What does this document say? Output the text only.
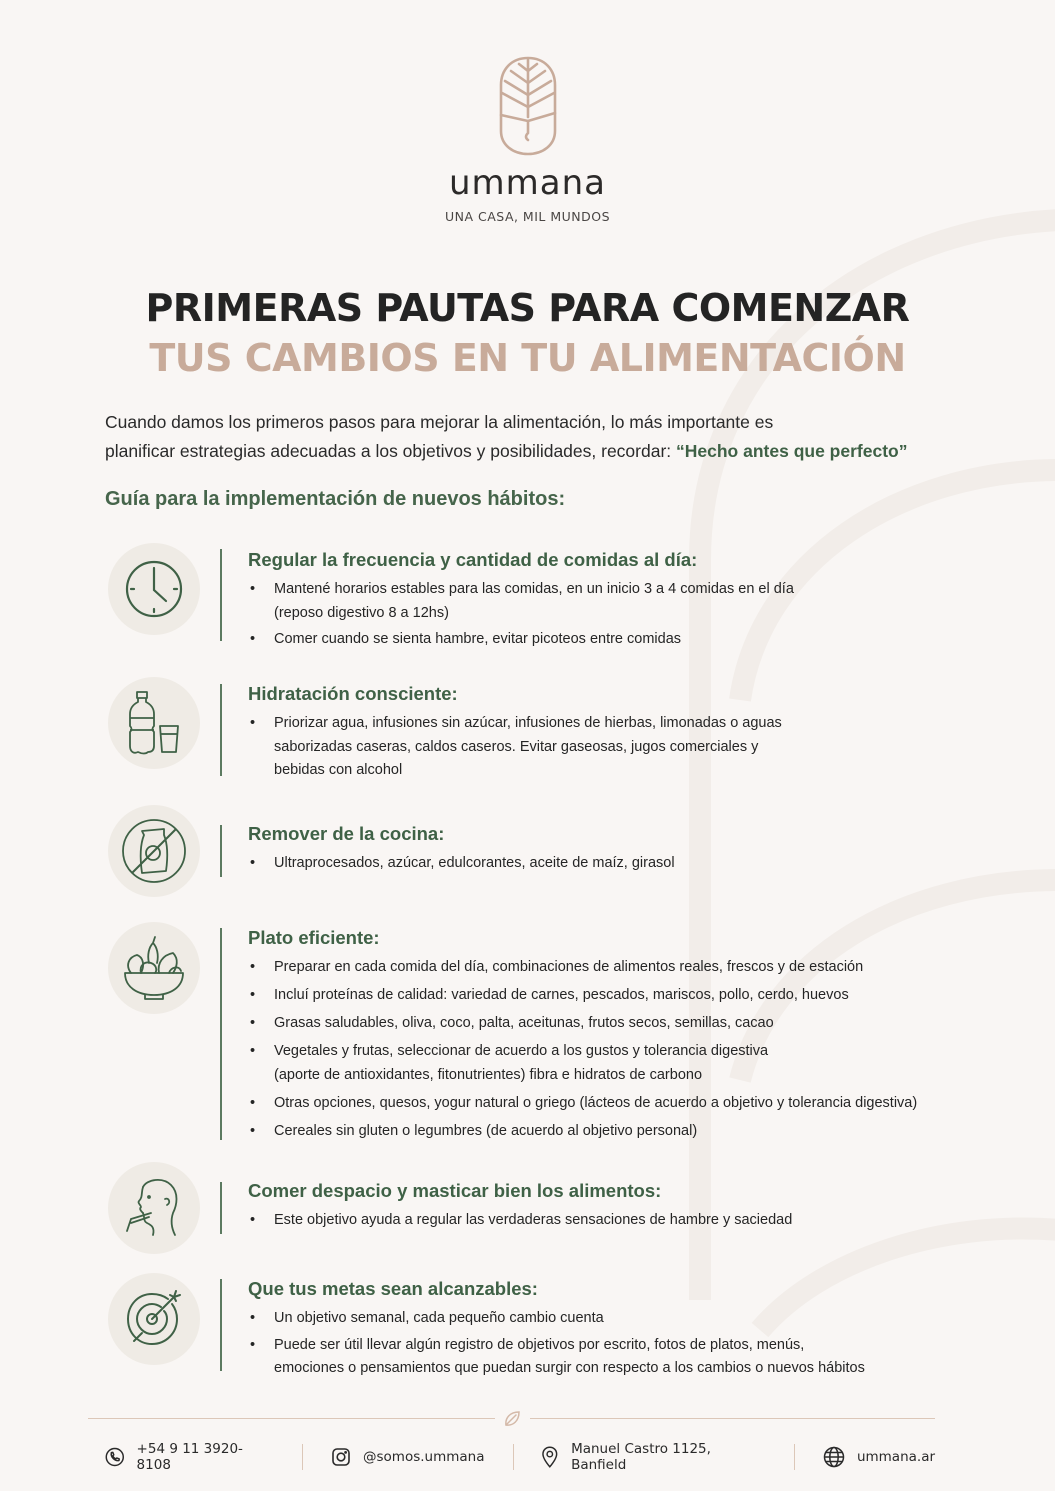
ummana
UNA CASA, MIL MUNDOS
PRIMERAS PAUTAS PARA COMENZAR
TUS CAMBIOS EN TU ALIMENTACIÓN
Cuando damos los primeros pasos para mejorar la alimentación, lo más importante es
planificar estrategias adecuadas a los objetivos y posibilidades, recordar: “Hecho antes que perfecto”
Guía para la implementación de nuevos hábitos:
Regular la frecuencia y cantidad de comidas al día:
• Mantené horarios estables para las comidas, en un inicio 3 a 4 comidas en el día
(reposo digestivo 8 a 12hs)
• Comer cuando se sienta hambre, evitar picoteos entre comidas
Hidratación consciente:
• Priorizar agua, infusiones sin azúcar, infusiones de hierbas, limonadas o aguas
saborizadas caseras, caldos caseros. Evitar gaseosas, jugos comerciales y
bebidas con alcohol
Remover de la cocina:
• Ultraprocesados, azúcar, edulcorantes, aceite de maíz, girasol
Plato eficiente:
• Preparar en cada comida del día, combinaciones de alimentos reales, frescos y de estación
• Incluí proteínas de calidad: variedad de carnes, pescados, mariscos, pollo, cerdo, huevos
• Grasas saludables, oliva, coco, palta, aceitunas, frutos secos, semillas, cacao
• Vegetales y frutas, seleccionar de acuerdo a los gustos y tolerancia digestiva
(aporte de antioxidantes, fitonutrientes) fibra e hidratos de carbono
• Otras opciones, quesos, yogur natural o griego (lácteos de acuerdo a objetivo y tolerancia digestiva)
• Cereales sin gluten o legumbres (de acuerdo al objetivo personal)
Comer despacio y masticar bien los alimentos:
• Este objetivo ayuda a regular las verdaderas sensaciones de hambre y saciedad
Que tus metas sean alcanzables:
• Un objetivo semanal, cada pequeño cambio cuenta
• Puede ser útil llevar algún registro de objetivos por escrito, fotos de platos, menús,
emociones o pensamientos que puedan surgir con respecto a los cambios o nuevos hábitos
+54 9 11 3920-8108	@somos.ummana	Manuel Castro 1125, Banfield	ummana.ar
